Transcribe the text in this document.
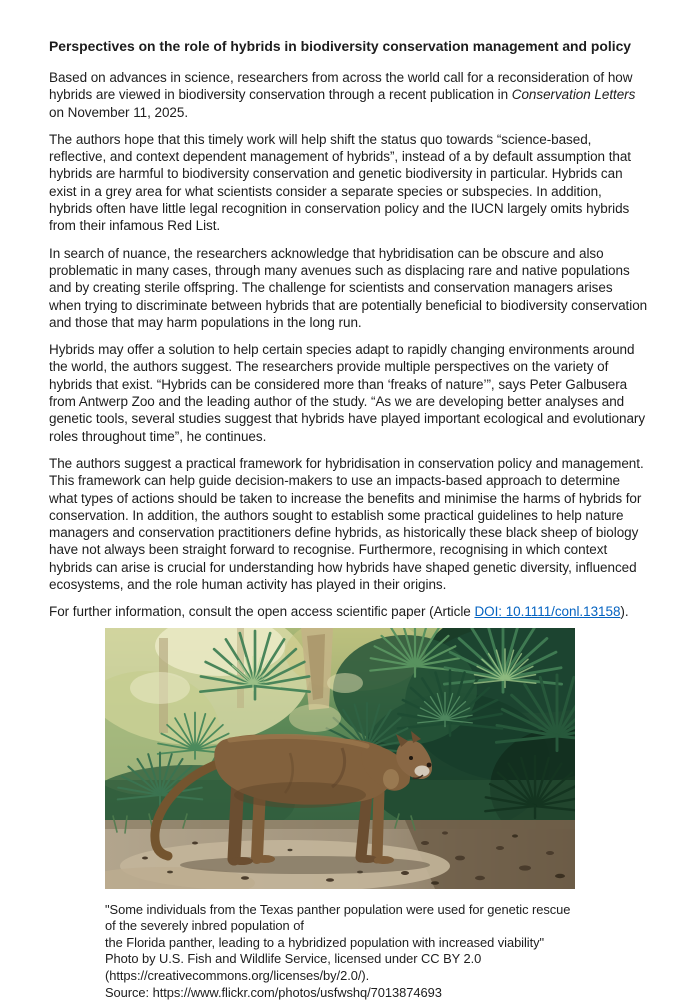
Perspectives on the role of hybrids in biodiversity conservation management and policy

Based on advances in science, researchers from across the world call for a reconsideration of how hybrids are viewed in biodiversity conservation through a recent publication in Conservation Letters on November 11, 2025.

The authors hope that this timely work will help shift the status quo towards “science-based, reflective, and context dependent management of hybrids”, instead of a by default assumption that hybrids are harmful to biodiversity conservation and genetic biodiversity in particular. Hybrids can exist in a grey area for what scientists consider a separate species or subspecies. In addition, hybrids often have little legal recognition in conservation policy and the IUCN largely omits hybrids from their infamous Red List.

In search of nuance, the researchers acknowledge that hybridisation can be obscure and also problematic in many cases, through many avenues such as displacing rare and native populations and by creating sterile offspring. The challenge for scientists and conservation managers arises when trying to discriminate between hybrids that are potentially beneficial to biodiversity conservation and those that may harm populations in the long run.

Hybrids may offer a solution to help certain species adapt to rapidly changing environments around the world, the authors suggest. The researchers provide multiple perspectives on the variety of hybrids that exist. “Hybrids can be considered more than ‘freaks of nature’”, says Peter Galbusera from Antwerp Zoo and the leading author of the study. “As we are developing better analyses and genetic tools, several studies suggest that hybrids have played important ecological and evolutionary roles throughout time”, he continues.

The authors suggest a practical framework for hybridisation in conservation policy and management. This framework can help guide decision-makers to use an impacts-based approach to determine what types of actions should be taken to increase the benefits and minimise the harms of hybrids for conservation. In addition, the authors sought to establish some practical guidelines to help nature managers and conservation practitioners define hybrids, as historically these black sheep of biology have not always been straight forward to recognise. Furthermore, recognising in which context hybrids can arise is crucial for understanding how hybrids have shaped genetic diversity, influenced ecosystems, and the role human activity has played in their origins.

For further information, consult the open access scientific paper (Article DOI: 10.1111/conl.13158).

"Some individuals from the Texas panther population were used for genetic rescue of the severely inbred population of
the Florida panther, leading to a hybridized population with increased viability"
Photo by U.S. Fish and Wildlife Service, licensed under CC BY 2.0 (https://creativecommons.org/licenses/by/2.0/).
Source: https://www.flickr.com/photos/usfwshq/7013874693
